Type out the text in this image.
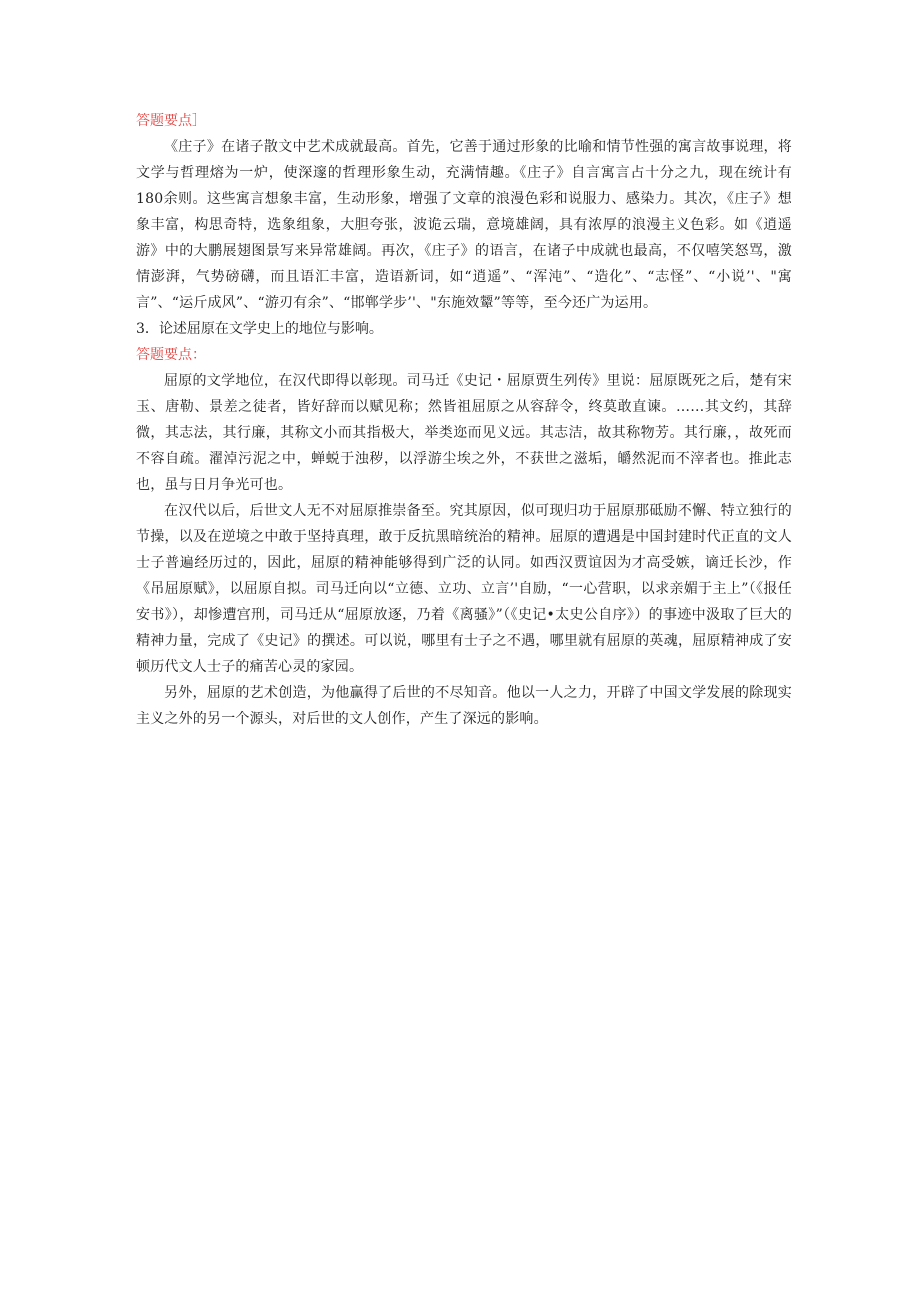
答题要点］

《庄子》在诸子散文中艺术成就最高。首先，它善于通过形象的比喻和情节性强的寓言故事说理，将文学与哲理熔为一炉，使深邃的哲理形象生动，充满情趣。《庄子》自言寓言占十分之九，现在统计有180余则。这些寓言想象丰富，生动形象，增强了文章的浪漫色彩和说服力、感染力。其次，《庄子》想象丰富，构思奇特，选象组象，大胆夸张，波诡云瑞，意境雄阔，具有浓厚的浪漫主义色彩。如《逍遥游》中的大鹏展翅图景写来异常雄阔。再次，《庄子》的语言，在诸子中成就也最高，不仅嘻笑怒骂，激情澎湃，气势磅礴，而且语汇丰富，造语新词，如“逍遥”、“浑沌”、“造化”、“志怪”、“小说’'、"寓言”、“运斤成风”、“游刃有余”、“邯郸学步’'、"东施效颦”等等，至今还广为运用。

3．论述屈原在文学史上的地位与影响。

答题要点：

屈原的文学地位，在汉代即得以彰现。司马迁《史记・屈原贾生列传》里说：屈原既死之后，楚有宋玉、唐勒、景差之徒者，皆好辞而以赋见称；然皆祖屈原之从容辞令，终莫敢直谏。……其文约，其辞微，其志法，其行廉，其称文小而其指极大，举类迩而见义远。其志洁，故其称物芳。其行廉，，故死而不容自疏。濯淖污泥之中，蝉蜕于浊秽，以浮游尘埃之外，不获世之滋垢，皭然泥而不滓者也。推此志也，虽与日月争光可也。

在汉代以后，后世文人无不对屈原推崇备至。究其原因，似可现归功于屈原那砥励不懈、特立独行的节操，以及在逆境之中敢于坚持真理，敢于反抗黑暗统治的精神。屈原的遭遇是中国封建时代正直的文人士子普遍经历过的，因此，屈原的精神能够得到广泛的认同。如西汉贾谊因为才高受嫉，谪迁长沙，作《吊屈原赋》，以屈原自拟。司马迁向以“立德、立功、立言’'自励，“一心营职，以求亲媚于主上”（《报任安书》），却惨遭宫刑，司马迁从“屈原放逐，乃着《离骚》”（《史记•太史公自序》）的事迹中汲取了巨大的精神力量，完成了《史记》的撰述。可以说，哪里有士子之不遇，哪里就有屈原的英魂，屈原精神成了安顿历代文人士子的痛苦心灵的家园。

另外，屈原的艺术创造，为他赢得了后世的不尽知音。他以一人之力，开辟了中国文学发展的除现实主义之外的另一个源头，对后世的文人创作，产生了深远的影响。
